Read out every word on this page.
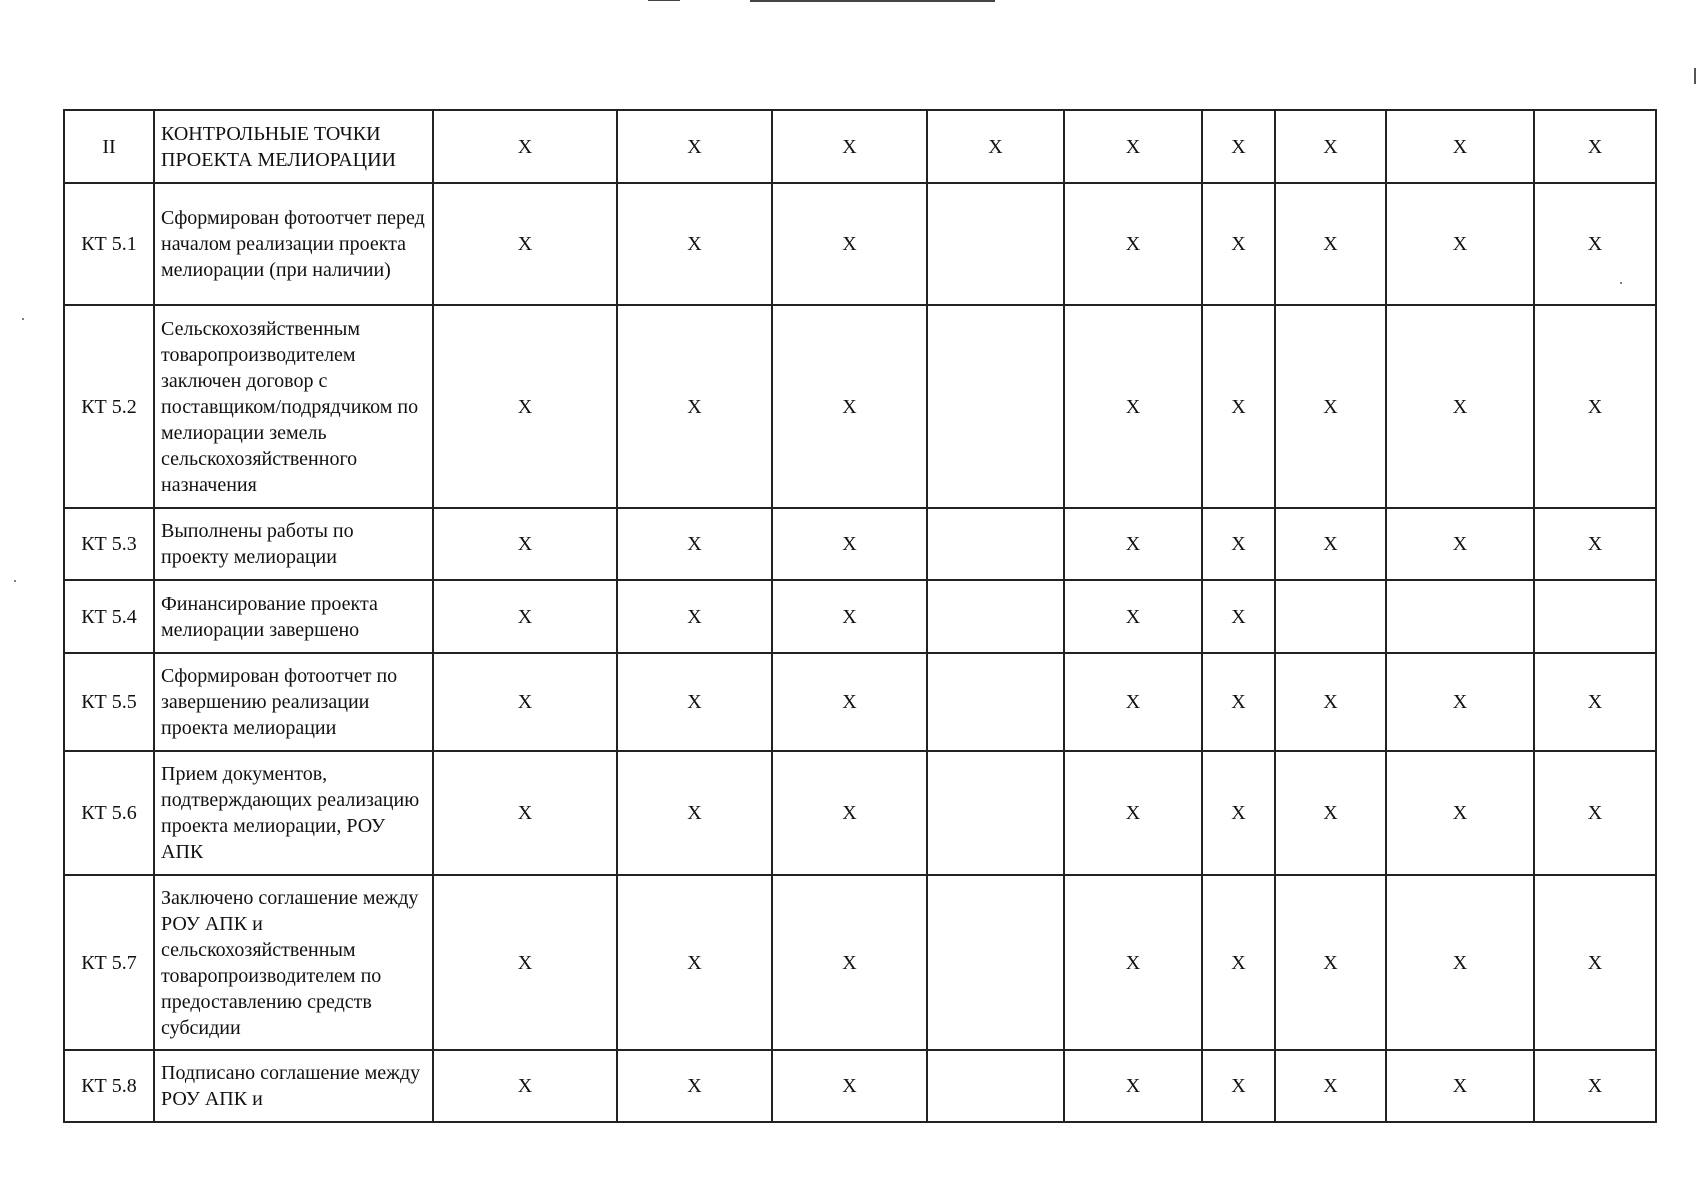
II	КОНТРОЛЬНЫЕ ТОЧКИ ПРОЕКТА МЕЛИОРАЦИИ	X	X	X	X	X	X	X	X	X
КТ 5.1	Сформирован фотоотчет перед началом реализации проекта мелиорации (при наличии)	X	X	X		X	X	X	X	X
КТ 5.2	Сельскохозяйственным товаропроизводителем заключен договор с поставщиком/подрядчиком по мелиорации земель сельскохозяйственного назначения	X	X	X		X	X	X	X	X
КТ 5.3	Выполнены работы по проекту мелиорации	X	X	X		X	X	X	X	X
КТ 5.4	Финансирование проекта мелиорации завершено	X	X	X		X	X			
КТ 5.5	Сформирован фотоотчет по завершению реализации проекта мелиорации	X	X	X		X	X	X	X	X
КТ 5.6	Прием документов, подтверждающих реализацию проекта мелиорации, РОУ АПК	X	X	X		X	X	X	X	X
КТ 5.7	Заключено соглашение между РОУ АПК и сельскохозяйственным товаропроизводителем по предоставлению средств субсидии	X	X	X		X	X	X	X	X
КТ 5.8	Подписано соглашение между РОУ АПК и	X	X	X		X	X	X	X	X
